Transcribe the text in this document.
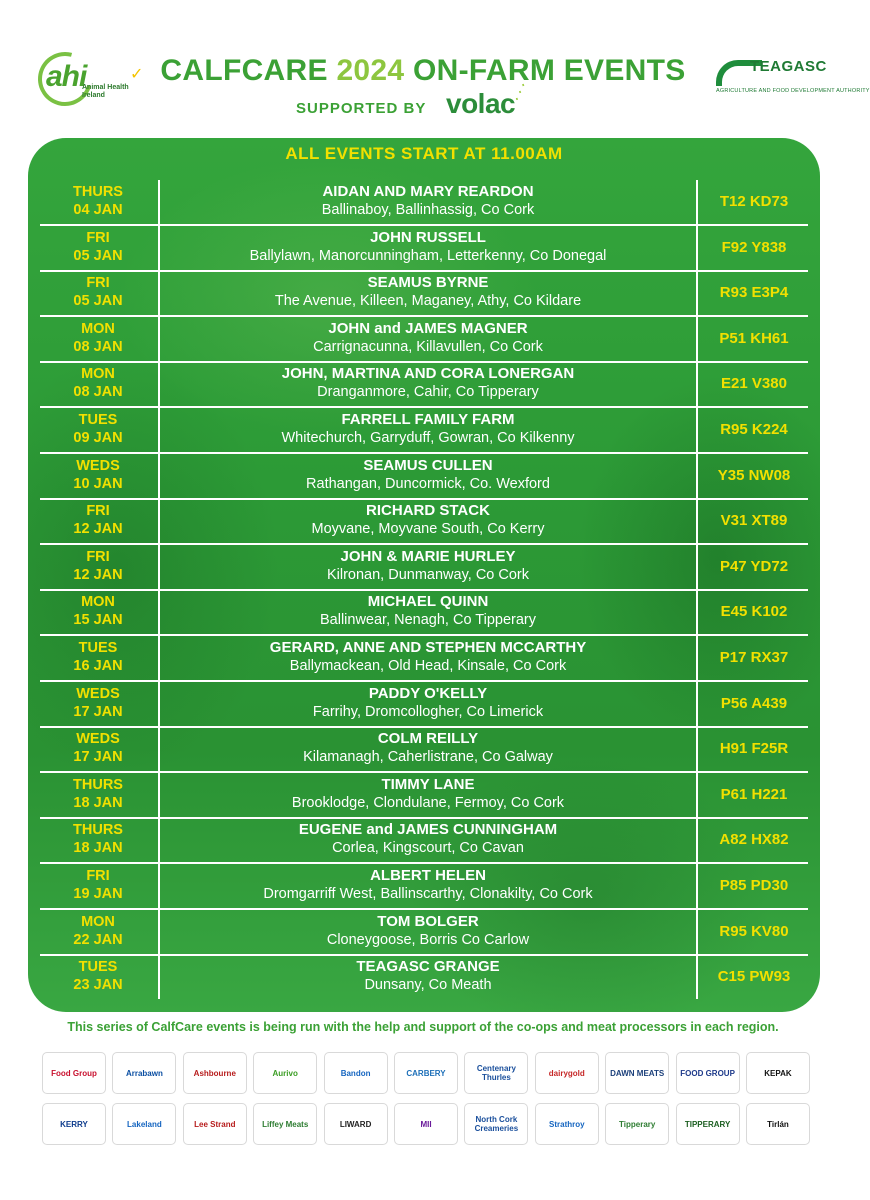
ahi
Animal Health Ireland
✓ CALFCARE 2024 ON-FARM EVENTS
SUPPORTED BY volac
⋰
TEAGASC
AGRICULTURE AND FOOD DEVELOPMENT AUTHORITY
ALL EVENTS START AT 11.00AM
THURS
04 JAN
AIDAN AND MARY REARDON
Ballinaboy, Ballinhassig, Co Cork	T12 KD73
FRI
05 JAN
JOHN RUSSELL
Ballylawn, Manorcunningham, Letterkenny, Co Donegal	F92 Y838
FRI
05 JAN
SEAMUS BYRNE
The Avenue, Killeen, Maganey, Athy, Co Kildare	R93 E3P4
MON
08 JAN
JOHN and JAMES MAGNER
Carrignacunna, Killavullen, Co Cork	P51 KH61
MON
08 JAN
JOHN, MARTINA AND CORA LONERGAN
Dranganmore, Cahir, Co Tipperary	E21 V380
TUES
09 JAN
FARRELL FAMILY FARM
Whitechurch, Garryduff, Gowran, Co Kilkenny	R95 K224
WEDS
10 JAN
SEAMUS CULLEN
Rathangan, Duncormick, Co. Wexford	Y35 NW08
FRI
12 JAN
RICHARD STACK
Moyvane, Moyvane South, Co Kerry	V31 XT89
FRI
12 JAN
JOHN & MARIE HURLEY
Kilronan, Dunmanway, Co Cork	P47 YD72
MON
15 JAN
MICHAEL QUINN
Ballinwear, Nenagh, Co Tipperary	E45 K102
TUES
16 JAN
GERARD, ANNE AND STEPHEN MCCARTHY
Ballymackean, Old Head, Kinsale, Co Cork	P17 RX37
WEDS
17 JAN
PADDY O'KELLY
Farrihy, Dromcollogher, Co Limerick	P56 A439
WEDS
17 JAN
COLM REILLY
Kilamanagh, Caherlistrane, Co Galway	H91 F25R
THURS
18 JAN
TIMMY LANE
Brooklodge, Clondulane, Fermoy, Co Cork	P61 H221
THURS
18 JAN
EUGENE and JAMES CUNNINGHAM
Corlea, Kingscourt, Co Cavan	A82 HX82
FRI
19 JAN
ALBERT HELEN
Dromgarriff West, Ballinscarthy, Clonakilty, Co Cork	P85 PD30
MON
22 JAN
TOM BOLGER
Cloneygoose, Borris Co Carlow	R95 KV80
TUES
23 JAN
TEAGASC GRANGE
Dunsany, Co Meath	C15 PW93
This series of CalfCare events is being run with the help and support of the co-ops and meat processors in each region.
Food Group	Arrabawn	Ashbourne	Aurivo	Bandon	CARBERY	Centenary Thurles	dairygold	DAWN MEATS	FOOD GROUP	KEPAK
KERRY	Lakeland	Lee Strand	Liffey Meats	LIWARD	MII	North Cork Creameries	Strathroy	Tipperary	TIPPERARY	Tirlán
